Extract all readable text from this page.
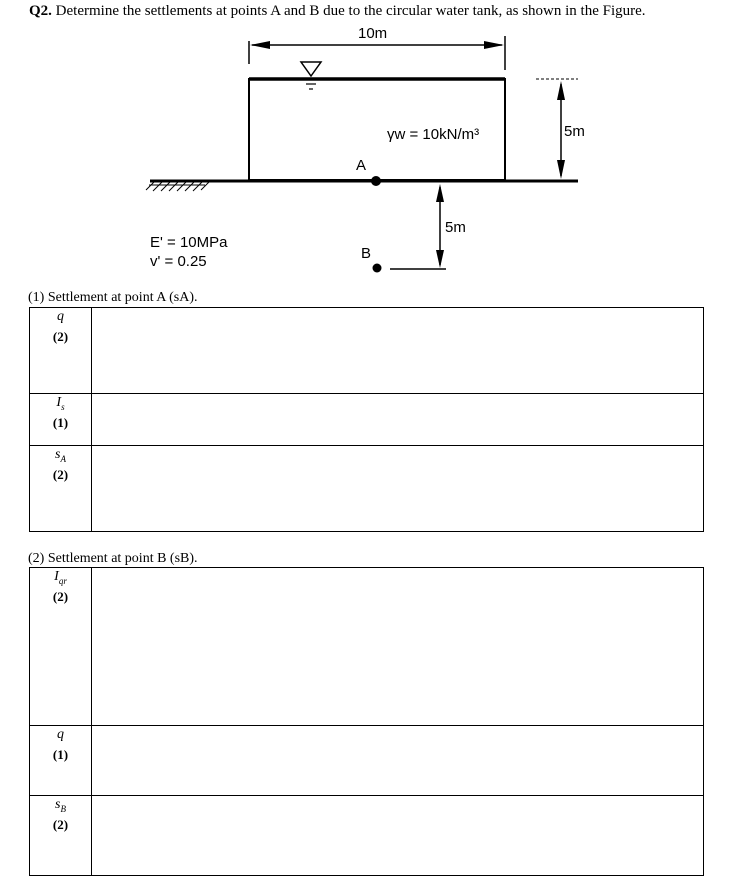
Q2. Determine the settlements at points A and B due to the circular water tank, as shown in the Figure.
10m
5m
γw = 10kN/m³
A
5m
B
E' = 10MPa
v' = 0.25
(1) Settlement at point A (sA).
q
(2)	

$I_s$
(1)	

$s_A$
(2)	

(2) Settlement at point B (sB).
$I_{qr}$
(2)	

q
(1)	

$s_B$
(2)	
